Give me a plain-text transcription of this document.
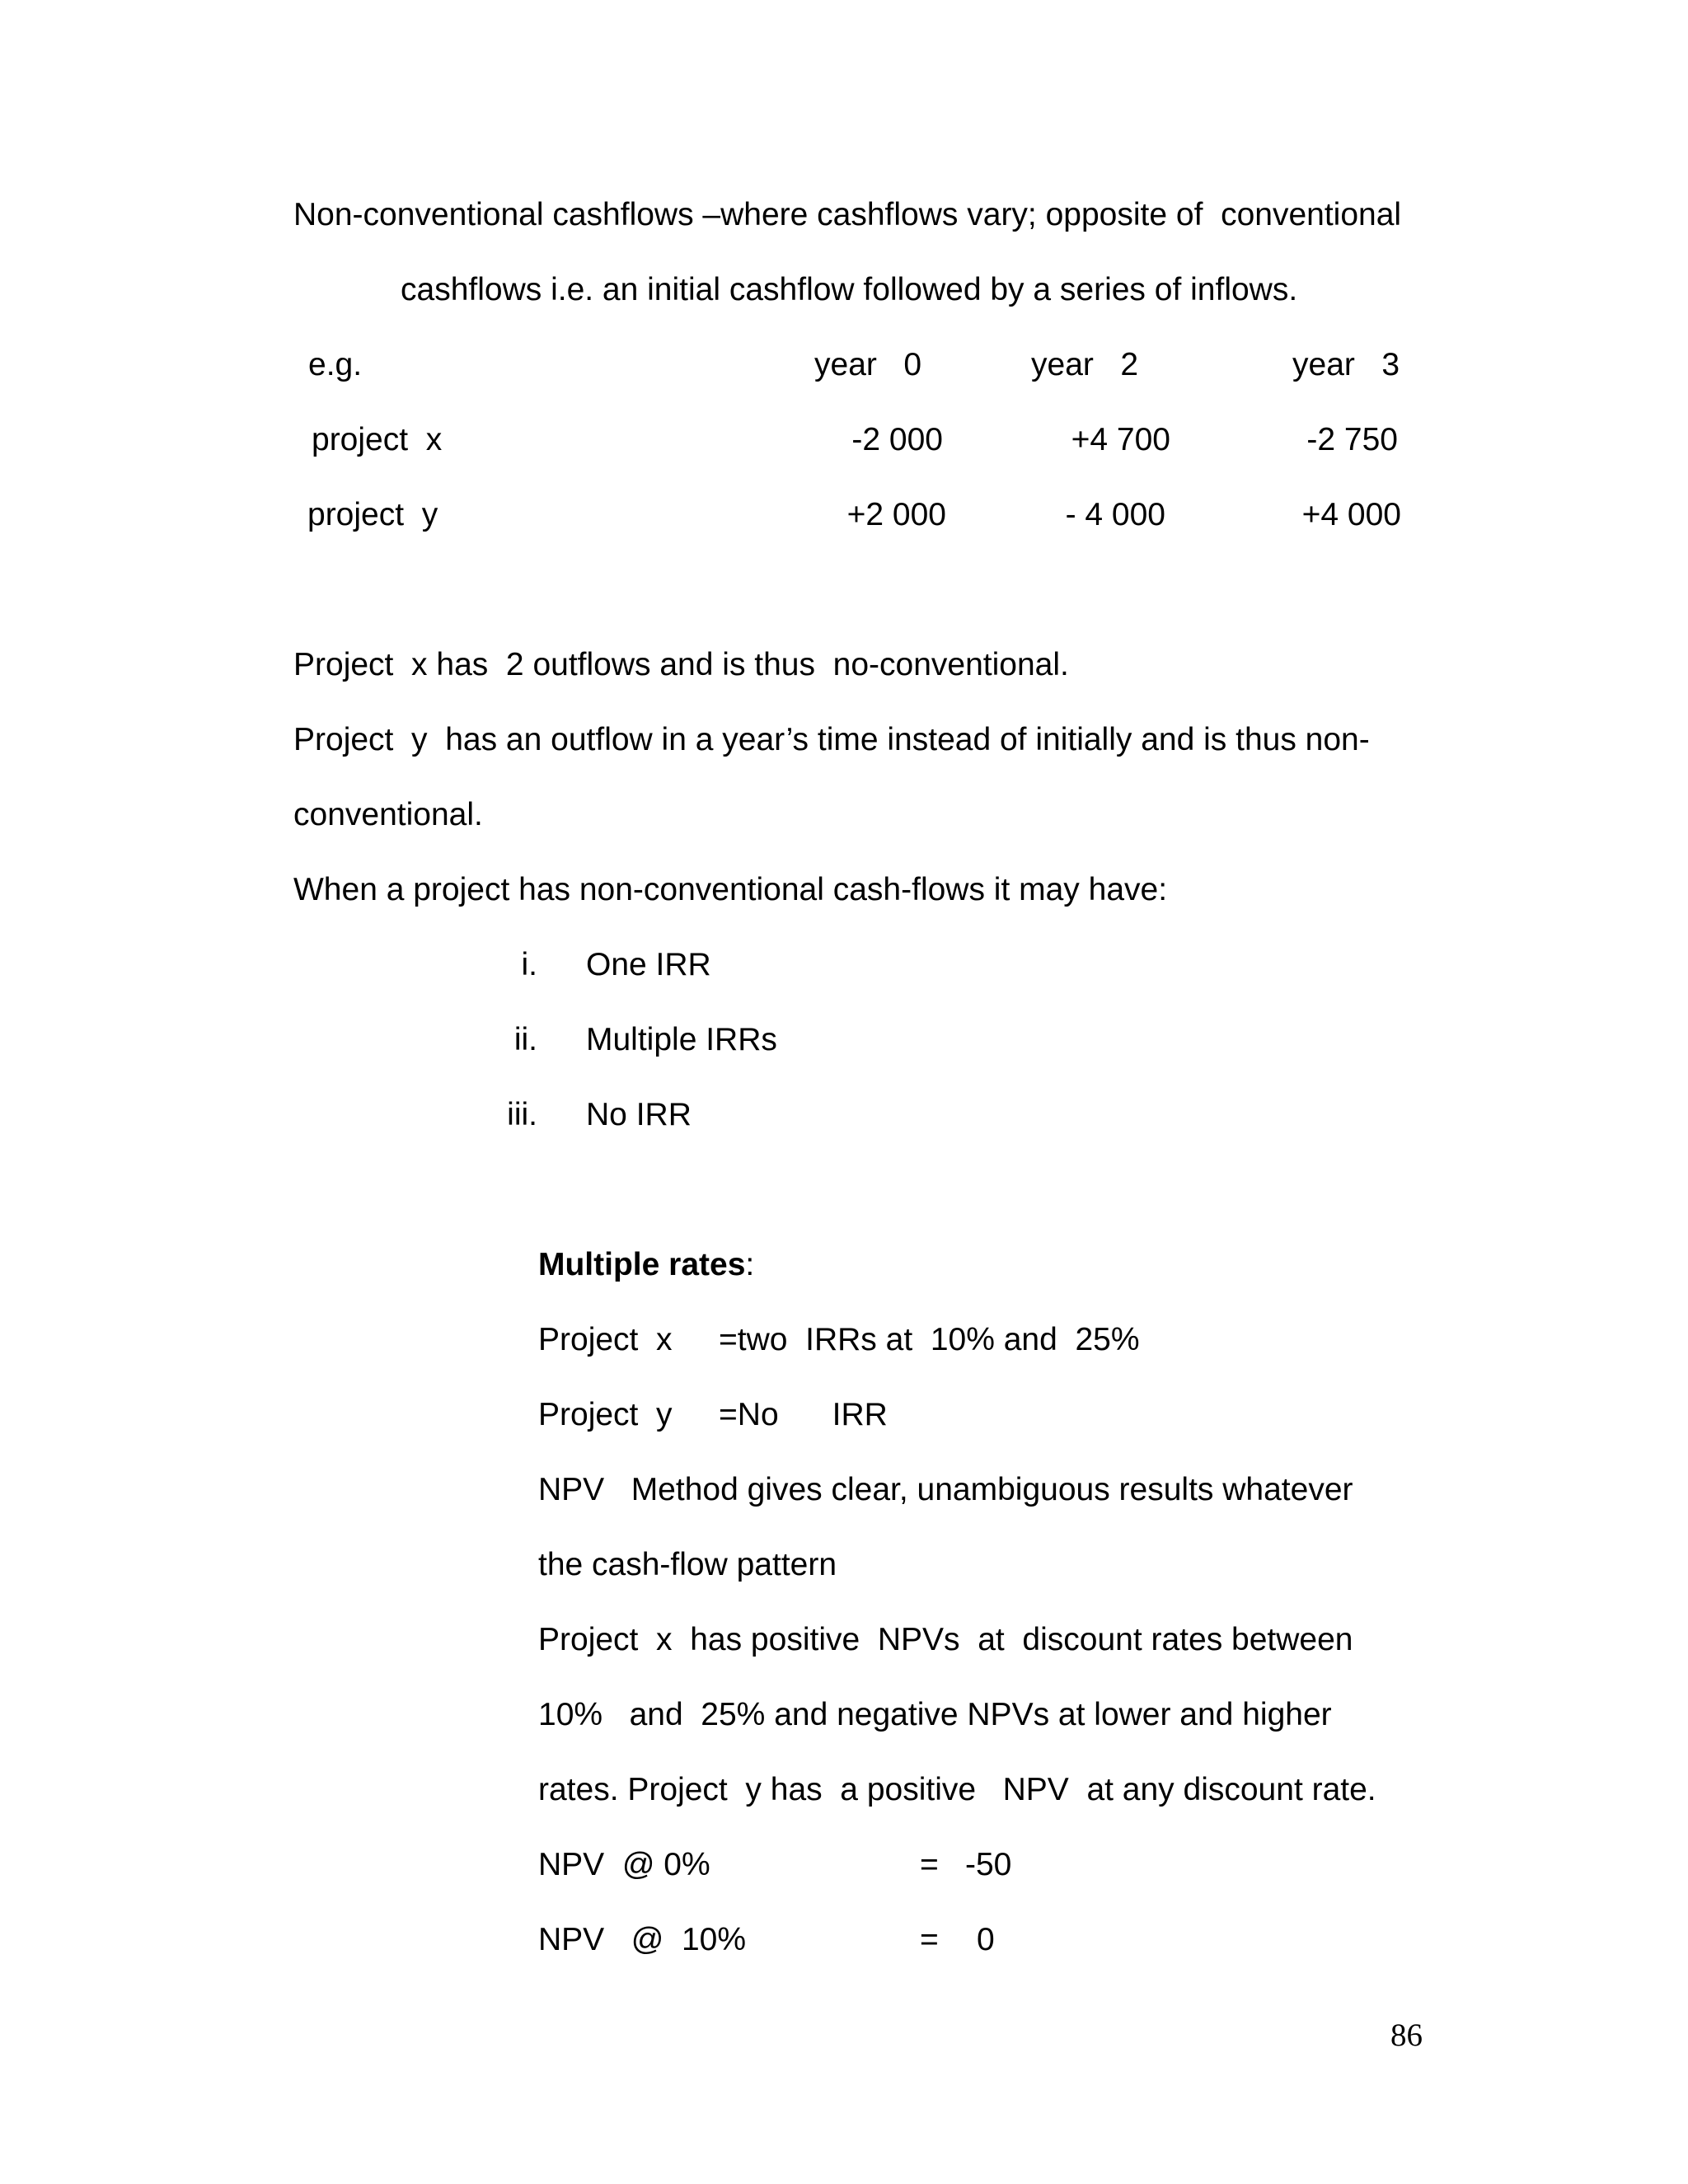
Non-conventional cashflows –where cashflows vary; opposite of  conventional
cashflows i.e. an initial cashflow followed by a series of inflows.
e.g.	year   0	year   2	year   3
project  x	-2 000	+4 700	-2 750
project  y	+2 000	- 4 000	+4 000
Project  x has  2 outflows and is thus  no-conventional.
Project  y  has an outflow in a year’s time instead of initially and is thus non-
conventional.
When a project has non-conventional cash-flows it may have:
i. One IRR
ii. Multiple IRRs
iii. No IRR
Multiple rates:
Project  x =two  IRRs at  10% and  25%
Project  y =No      IRR
NPV   Method gives clear, unambiguous results whatever
the cash-flow pattern
Project  x  has positive  NPVs  at  discount rates between
10%   and  25% and negative NPVs at lower and higher
rates. Project  y has  a positive   NPV  at any discount rate.
NPV  @ 0%	= -50
NPV   @  10%	= 0
86
